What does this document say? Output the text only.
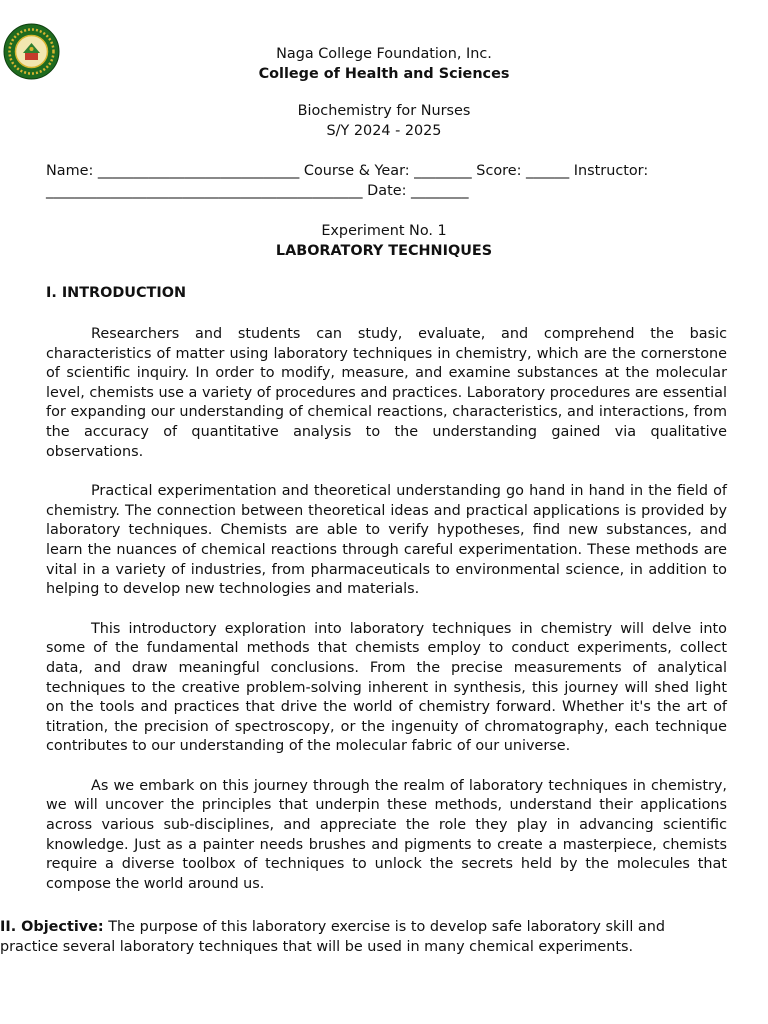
Naga College Foundation, Inc.
College of Health and Sciences
Biochemistry for Nurses
S/Y 2024 - 2025
Name: ____________________________ Course & Year: ________ Score: ______ Instructor:
____________________________________________ Date: ________
Experiment No. 1
LABORATORY TECHNIQUES
I. INTRODUCTION

Researchers and students can study, evaluate, and comprehend the basic characteristics of matter using laboratory techniques in chemistry, which are the cornerstone of scientific inquiry. In order to modify, measure, and examine substances at the molecular level, chemists use a variety of procedures and practices. Laboratory procedures are essential for expanding our understanding of chemical reactions, characteristics, and interactions, from the accuracy of quantitative analysis to the understanding gained via qualitative observations.

Practical experimentation and theoretical understanding go hand in hand in the field of chemistry. The connection between theoretical ideas and practical applications is provided by laboratory techniques. Chemists are able to verify hypotheses, find new substances, and learn the nuances of chemical reactions through careful experimentation. These methods are vital in a variety of industries, from pharmaceuticals to environmental science, in addition to helping to develop new technologies and materials.

This introductory exploration into laboratory techniques in chemistry will delve into some of the fundamental methods that chemists employ to conduct experiments, collect data, and draw meaningful conclusions. From the precise measurements of analytical techniques to the creative problem-solving inherent in synthesis, this journey will shed light on the tools and practices that drive the world of chemistry forward. Whether it's the art of titration, the precision of spectroscopy, or the ingenuity of chromatography, each technique contributes to our understanding of the molecular fabric of our universe.

As we embark on this journey through the realm of laboratory techniques in chemistry, we will uncover the principles that underpin these methods, understand their applications across various sub-disciplines, and appreciate the role they play in advancing scientific knowledge. Just as a painter needs brushes and pigments to create a masterpiece, chemists require a diverse toolbox of techniques to unlock the secrets held by the molecules that compose the world around us.

II. Objective: The purpose of this laboratory exercise is to develop safe laboratory skill and practice several laboratory techniques that will be used in many chemical experiments.
